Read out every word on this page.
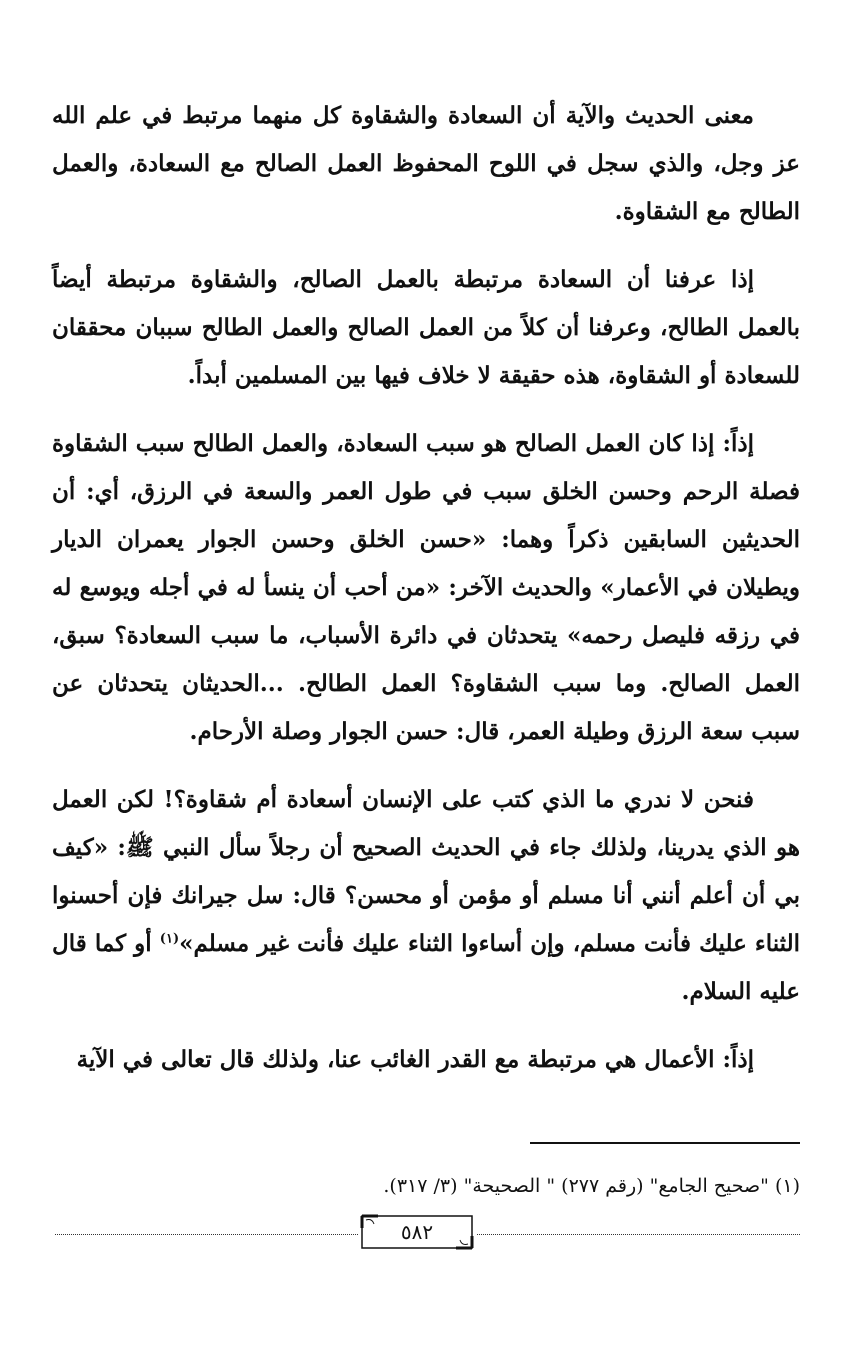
معنى الحديث والآية أن السعادة والشقاوة كل منهما مرتبط في علم الله عز وجل، والذي سجل في اللوح المحفوظ العمل الصالح مع السعادة، والعمل الطالح مع الشقاوة.

إذا عرفنا أن السعادة مرتبطة بالعمل الصالح، والشقاوة مرتبطة أيضاً بالعمل الطالح، وعرفنا أن كلاً من العمل الصالح والعمل الطالح سببان محققان للسعادة أو الشقاوة، هذه حقيقة لا خلاف فيها بين المسلمين أبداً.

إذاً: إذا كان العمل الصالح هو سبب السعادة، والعمل الطالح سبب الشقاوة فصلة الرحم وحسن الخلق سبب في طول العمر والسعة في الرزق، أي: أن الحديثين السابقين ذكراً وهما: «حسن الخلق وحسن الجوار يعمران الديار ويطيلان في الأعمار» والحديث الآخر: «من أحب أن ينسأ له في أجله ويوسع له في رزقه فليصل رحمه» يتحدثان في دائرة الأسباب، ما سبب السعادة؟ سبق، العمل الصالح. وما سبب الشقاوة؟ العمل الطالح. ...الحديثان يتحدثان عن سبب سعة الرزق وطيلة العمر، قال: حسن الجوار وصلة الأرحام.

فنحن لا ندري ما الذي كتب على الإنسان أسعادة أم شقاوة؟! لكن العمل هو الذي يدرينا، ولذلك جاء في الحديث الصحيح أن رجلاً سأل النبي ﷺ: «كيف بي أن أعلم أنني أنا مسلم أو مؤمن أو محسن؟ قال: سل جيرانك فإن أحسنوا الثناء عليك فأنت مسلم، وإن أساءوا الثناء عليك فأنت غير مسلم»$^{(١)}$ أو كما قال عليه السلام.

إذاً: الأعمال هي مرتبطة مع القدر الغائب عنا، ولذلك قال تعالى في الآية

(١) "صحيح الجامع" (رقم ٢٧٧) " الصحيحة" (٣/ ٣١٧).
٥٨٢
